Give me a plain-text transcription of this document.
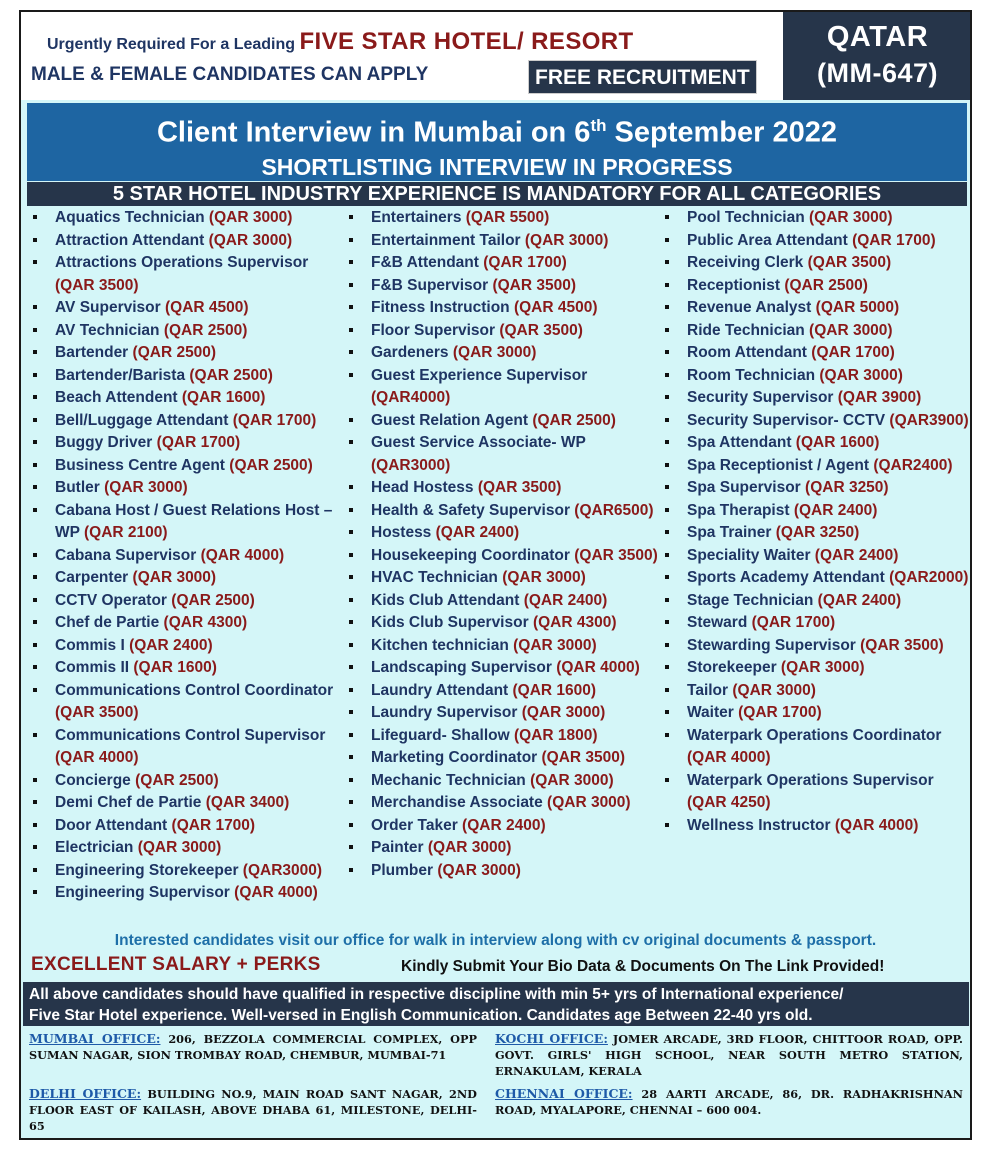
Urgently Required For a Leading FIVE STAR HOTEL/ RESORT
MALE & FEMALE CANDIDATES CAN APPLY	FREE RECRUITMENT
QATAR
(MM-647)
Client Interview in Mumbai on 6th September 2022
SHORTLISTING INTERVIEW IN PROGRESS
5 STAR HOTEL INDUSTRY EXPERIENCE IS MANDATORY FOR ALL CATEGORIES
Aquatics Technician (QAR 3000)
Attraction Attendant (QAR 3000)
Attractions Operations Supervisor (QAR 3500)
AV Supervisor (QAR 4500)
AV Technician (QAR 2500)
Bartender (QAR 2500)
Bartender/Barista (QAR 2500)
Beach Attendent (QAR 1600)
Bell/Luggage Attendant (QAR 1700)
Buggy Driver (QAR 1700)
Business Centre Agent (QAR 2500)
Butler (QAR 3000)
Cabana Host / Guest Relations Host – WP (QAR 2100)
Cabana Supervisor (QAR 4000)
Carpenter (QAR 3000)
CCTV Operator (QAR 2500)
Chef de Partie (QAR 4300)
Commis I (QAR 2400)
Commis II (QAR 1600)
Communications Control Coordinator (QAR 3500)
Communications Control Supervisor (QAR 4000)
Concierge (QAR 2500)
Demi Chef de Partie (QAR 3400)
Door Attendant (QAR 1700)
Electrician (QAR 3000)
Engineering Storekeeper (QAR3000)
Engineering Supervisor (QAR 4000)
Entertainers (QAR 5500)
Entertainment Tailor (QAR 3000)
F&B Attendant (QAR 1700)
F&B Supervisor (QAR 3500)
Fitness Instruction (QAR 4500)
Floor Supervisor (QAR 3500)
Gardeners (QAR 3000)
Guest Experience Supervisor (QAR4000)
Guest Relation Agent (QAR 2500)
Guest Service Associate- WP (QAR3000)
Head Hostess (QAR 3500)
Health & Safety Supervisor (QAR6500)
Hostess (QAR 2400)
Housekeeping Coordinator (QAR 3500)
HVAC Technician (QAR 3000)
Kids Club Attendant (QAR 2400)
Kids Club Supervisor (QAR 4300)
Kitchen technician (QAR 3000)
Landscaping Supervisor (QAR 4000)
Laundry Attendant (QAR 1600)
Laundry Supervisor (QAR 3000)
Lifeguard- Shallow (QAR 1800)
Marketing Coordinator (QAR 3500)
Mechanic Technician (QAR 3000)
Merchandise Associate (QAR 3000)
Order Taker (QAR 2400)
Painter (QAR 3000)
Plumber (QAR 3000)
Pool Technician (QAR 3000)
Public Area Attendant (QAR 1700)
Receiving Clerk (QAR 3500)
Receptionist (QAR 2500)
Revenue Analyst (QAR 5000)
Ride Technician (QAR 3000)
Room Attendant (QAR 1700)
Room Technician (QAR 3000)
Security Supervisor (QAR 3900)
Security Supervisor- CCTV (QAR3900)
Spa Attendant (QAR 1600)
Spa Receptionist / Agent (QAR2400)
Spa Supervisor (QAR 3250)
Spa Therapist (QAR 2400)
Spa Trainer (QAR 3250)
Speciality Waiter (QAR 2400)
Sports Academy Attendant (QAR2000)
Stage Technician (QAR 2400)
Steward (QAR 1700)
Stewarding Supervisor (QAR 3500)
Storekeeper (QAR 3000)
Tailor (QAR 3000)
Waiter (QAR 1700)
Waterpark Operations Coordinator (QAR 4000)
Waterpark Operations Supervisor (QAR 4250)
Wellness Instructor (QAR 4000)
Interested candidates visit our office for walk in interview along with cv original documents & passport.
EXCELLENT SALARY + PERKS	Kindly Submit Your Bio Data & Documents On The Link Provided!
All above candidates should have qualified in respective discipline with min 5+ yrs of International experience/
Five Star Hotel experience. Well-versed in English Communication. Candidates age Between 22-40 yrs old.
MUMBAI OFFICE: 206, BEZZOLA COMMERCIAL COMPLEX, OPP SUMAN NAGAR, SION TROMBAY ROAD, CHEMBUR, MUMBAI-71
KOCHI OFFICE: JOMER ARCADE, 3RD FLOOR, CHITTOOR ROAD, OPP. GOVT. GIRLS' HIGH SCHOOL, NEAR SOUTH METRO STATION, ERNAKULAM, KERALA
DELHI OFFICE: BUILDING NO.9, MAIN ROAD SANT NAGAR, 2ND FLOOR EAST OF KAILASH, ABOVE DHABA 61, MILESTONE, DELHI-65
CHENNAI OFFICE: 28 AARTI ARCADE, 86, DR. RADHAKRISHNAN ROAD, MYALAPORE, CHENNAI – 600 004.
